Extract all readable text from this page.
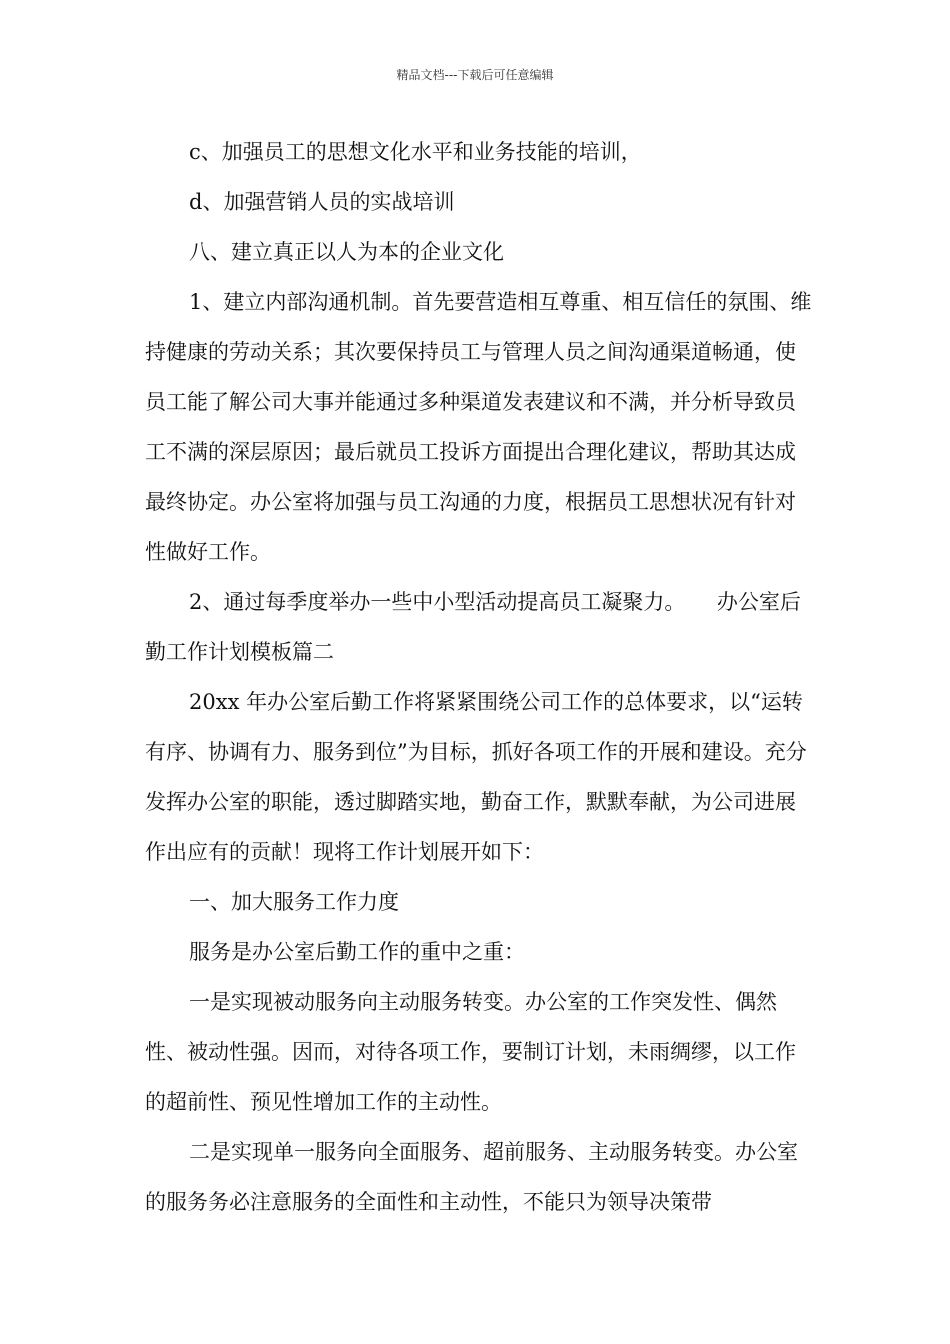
精品文档---下载后可任意编辑

c、加强员工的思想文化水平和业务技能的培训，

d、加强营销人员的实战培训

八、建立真正以人为本的企业文化

1、建立内部沟通机制。首先要营造相互尊重、相互信任的氛围、维持健康的劳动关系；其次要保持员工与管理人员之间沟通渠道畅通，使员工能了解公司大事并能通过多种渠道发表建议和不满，并分析导致员工不满的深层原因；最后就员工投诉方面提出合理化建议，帮助其达成最终协定。办公室将加强与员工沟通的力度，根据员工思想状况有针对性做好工作。

2、通过每季度举办一些中小型活动提高员工凝聚力。　　办公室后勤工作计划模板篇二

20xx 年办公室后勤工作将紧紧围绕公司工作的总体要求，以“运转有序、协调有力、服务到位”为目标，抓好各项工作的开展和建设。充分发挥办公室的职能，透过脚踏实地，勤奋工作，默默奉献，为公司进展作出应有的贡献！现将工作计划展开如下：

一、加大服务工作力度

服务是办公室后勤工作的重中之重：

一是实现被动服务向主动服务转变。办公室的工作突发性、偶然性、被动性强。因而，对待各项工作，要制订计划，未雨绸缪，以工作的超前性、预见性增加工作的主动性。

二是实现单一服务向全面服务、超前服务、主动服务转变。办公室的服务务必注意服务的全面性和主动性，不能只为领导决策带
